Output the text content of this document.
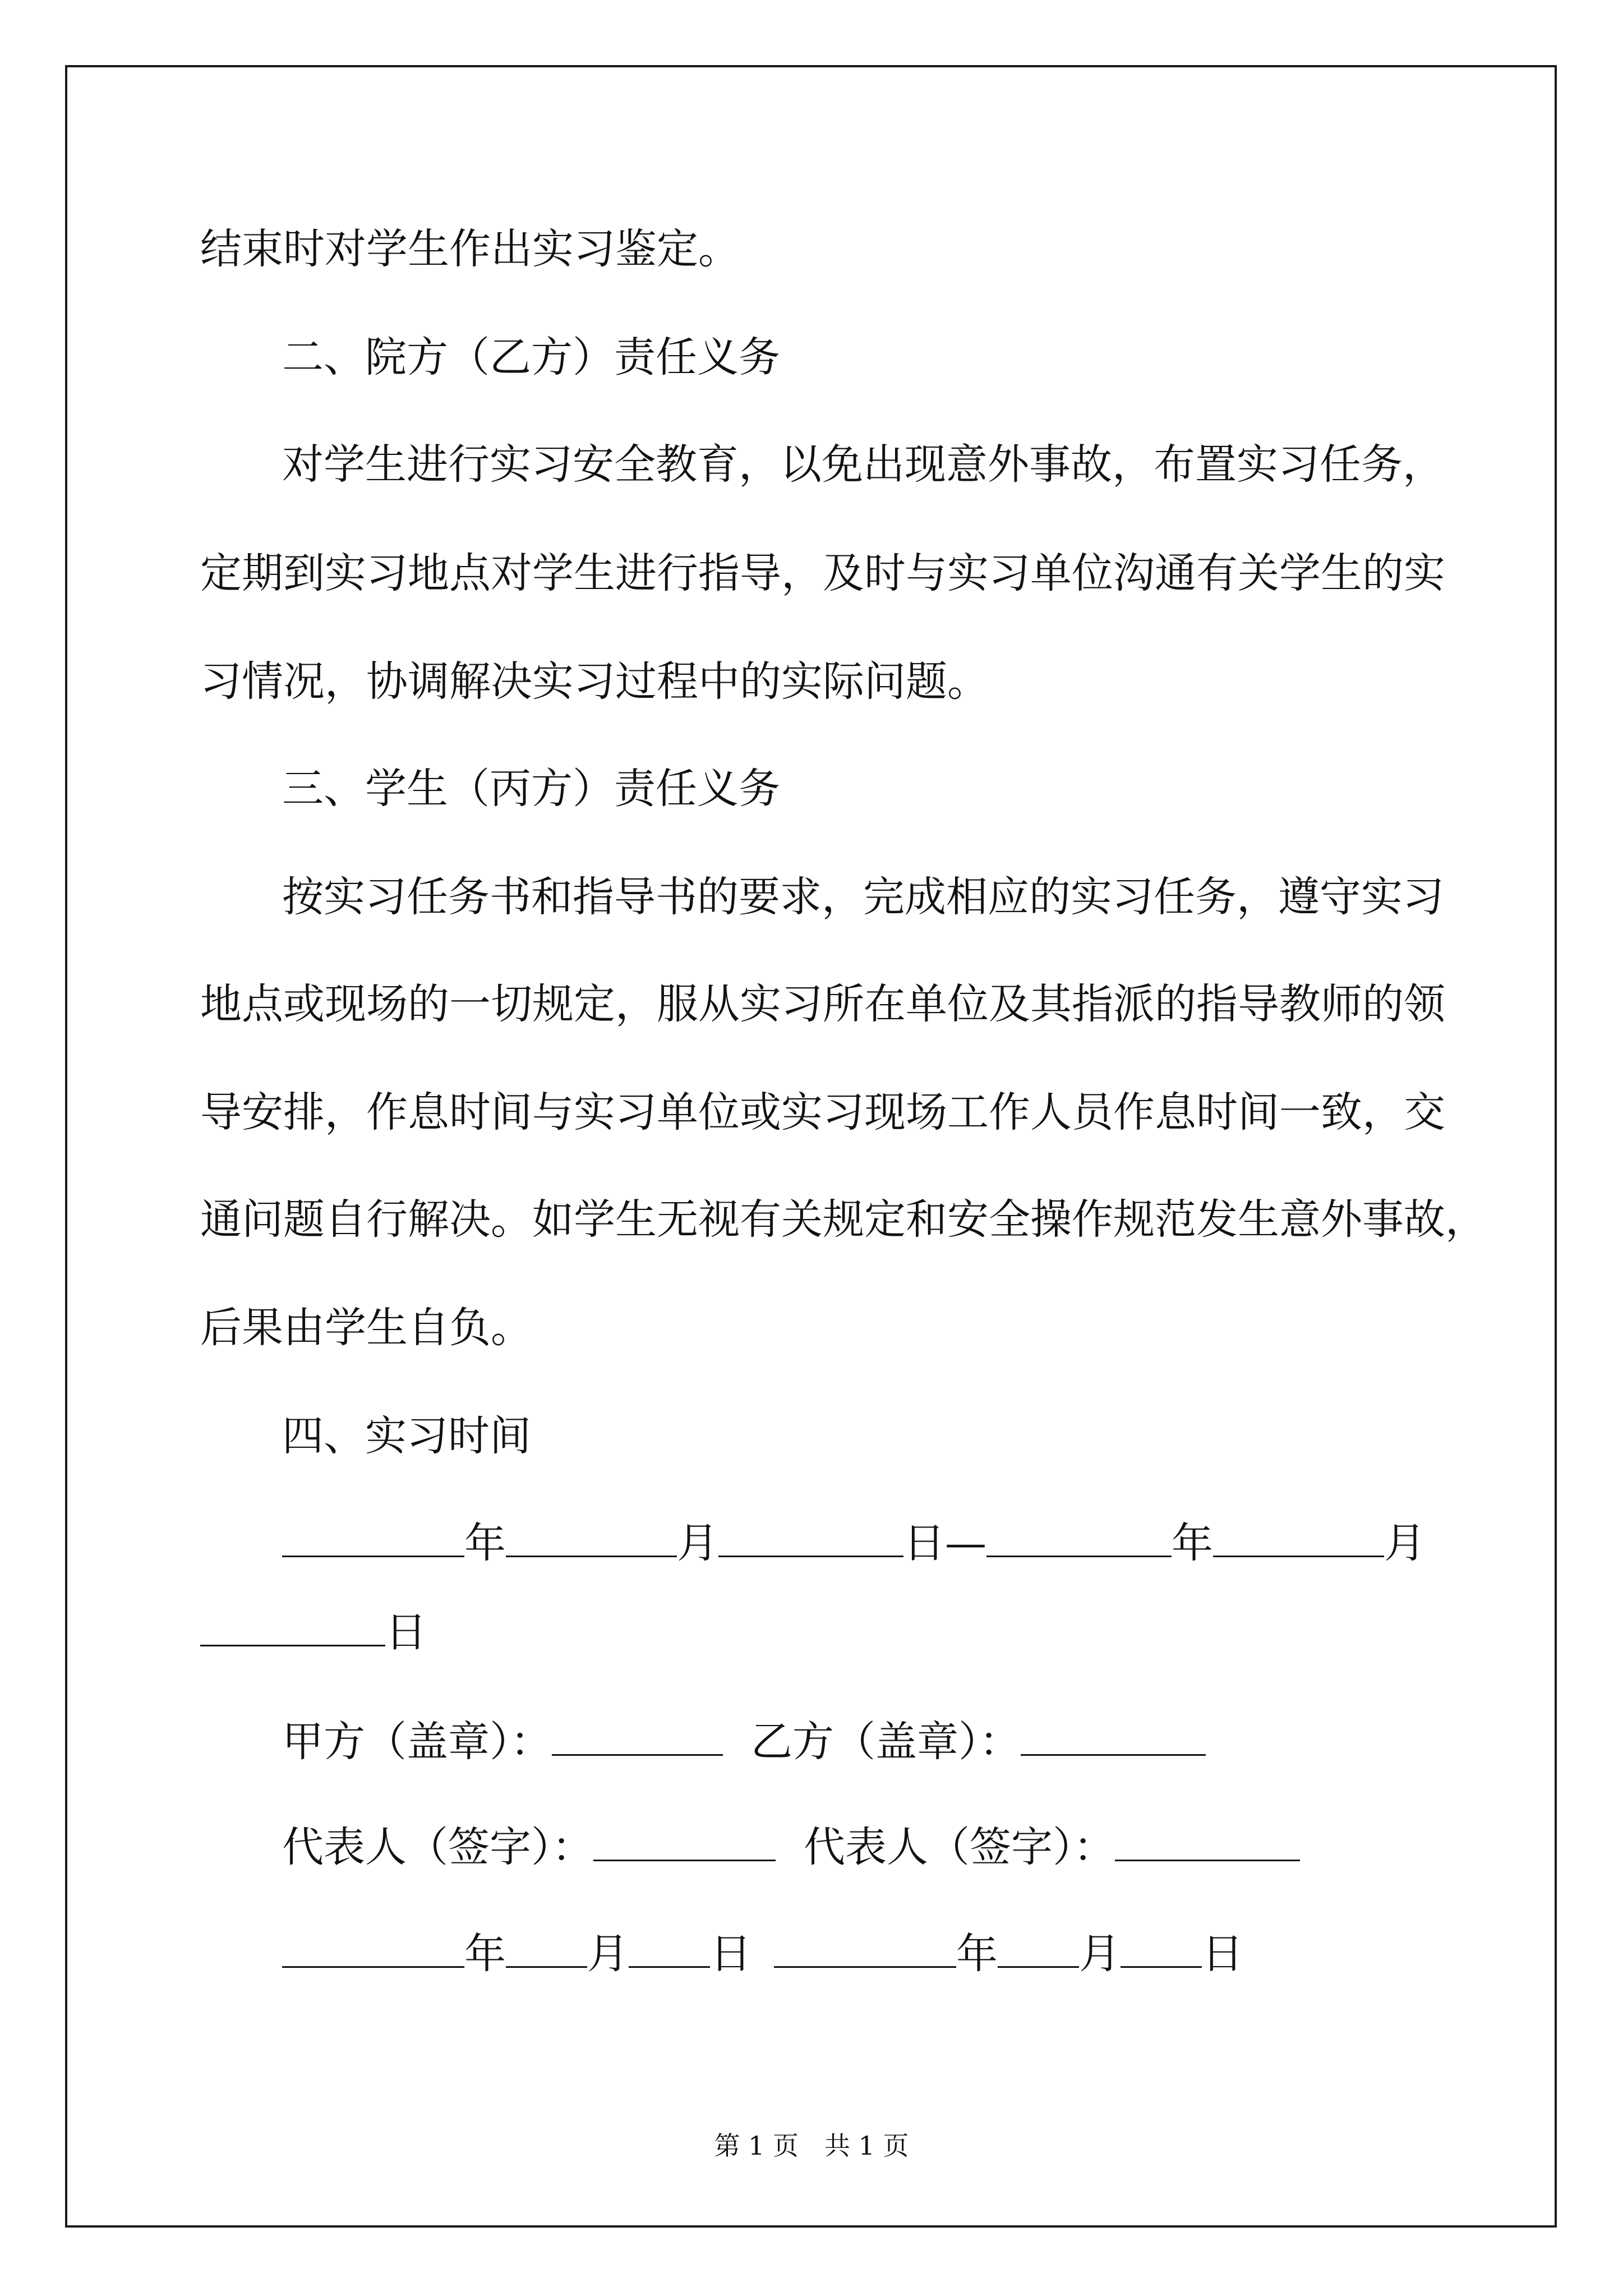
结束时对学生作出实习鉴定。
二、院方（乙方）责任义务
对学生进行实习安全教育，以免出现意外事故，布置实习任务，
定期到实习地点对学生进行指导，及时与实习单位沟通有关学生的实
习情况，协调解决实习过程中的实际问题。
三、学生（丙方）责任义务
按实习任务书和指导书的要求，完成相应的实习任务，遵守实习
地点或现场的一切规定，服从实习所在单位及其指派的指导教师的领
导安排，作息时间与实习单位或实习现场工作人员作息时间一致，交
通问题自行解决。如学生无视有关规定和安全操作规范发生意外事故，
后果由学生自负。
四、实习时间
年	月	日—	年	月
日
甲方（盖章）：	乙方（盖章）：
代表人（签字）：	代表人（签字）：
年 月 日	年 月 日
第 1 页　共 1 页
